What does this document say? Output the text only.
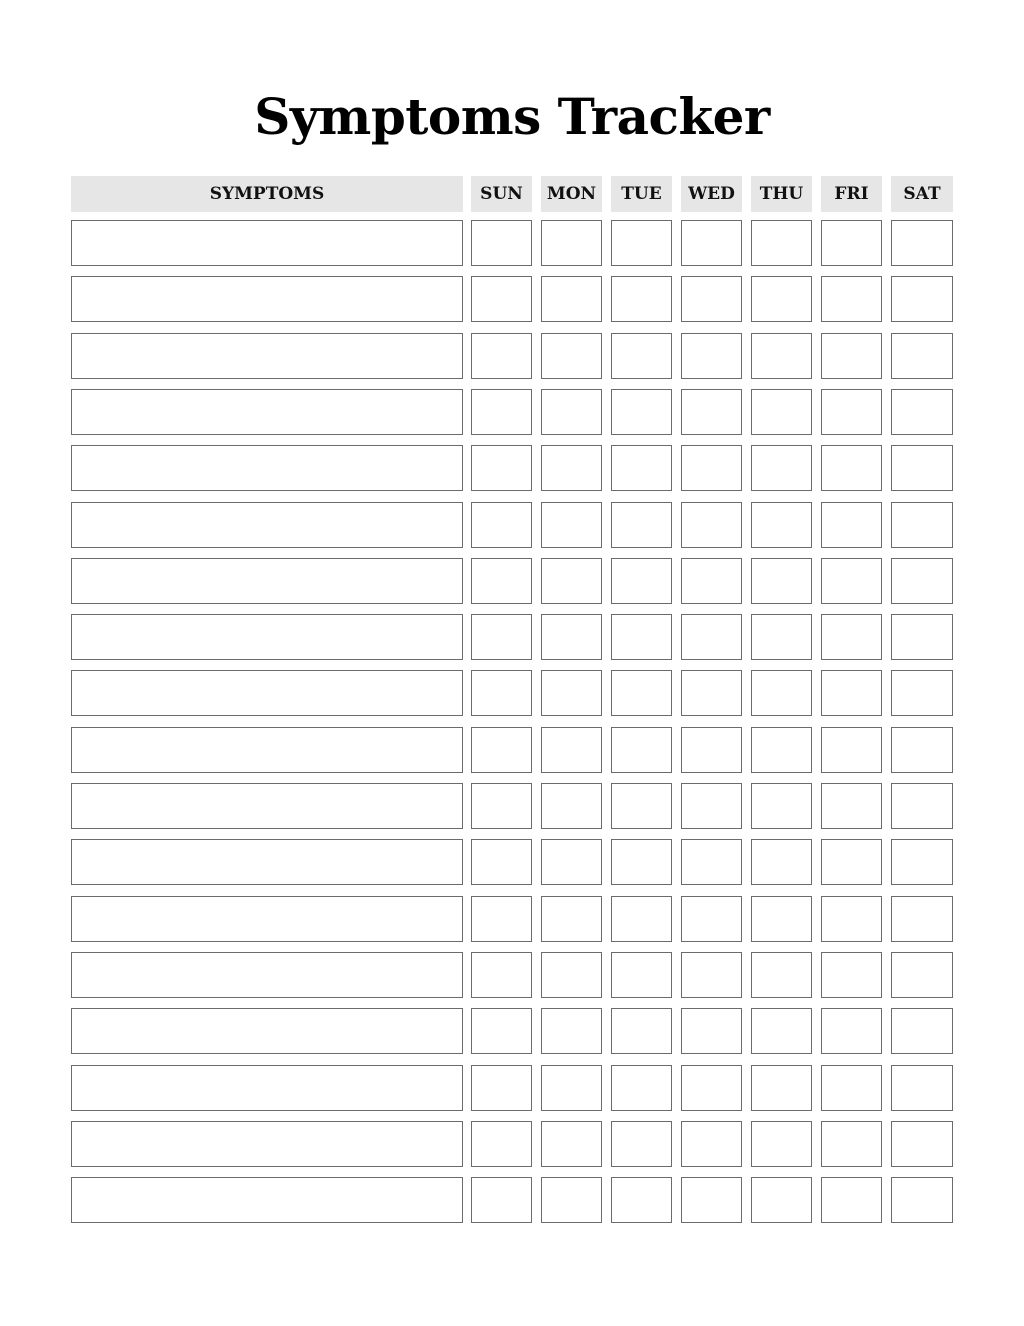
Symptoms Tracker
SYMPTOMS	SUN	MON	TUE	WED	THU	FRI	SAT
